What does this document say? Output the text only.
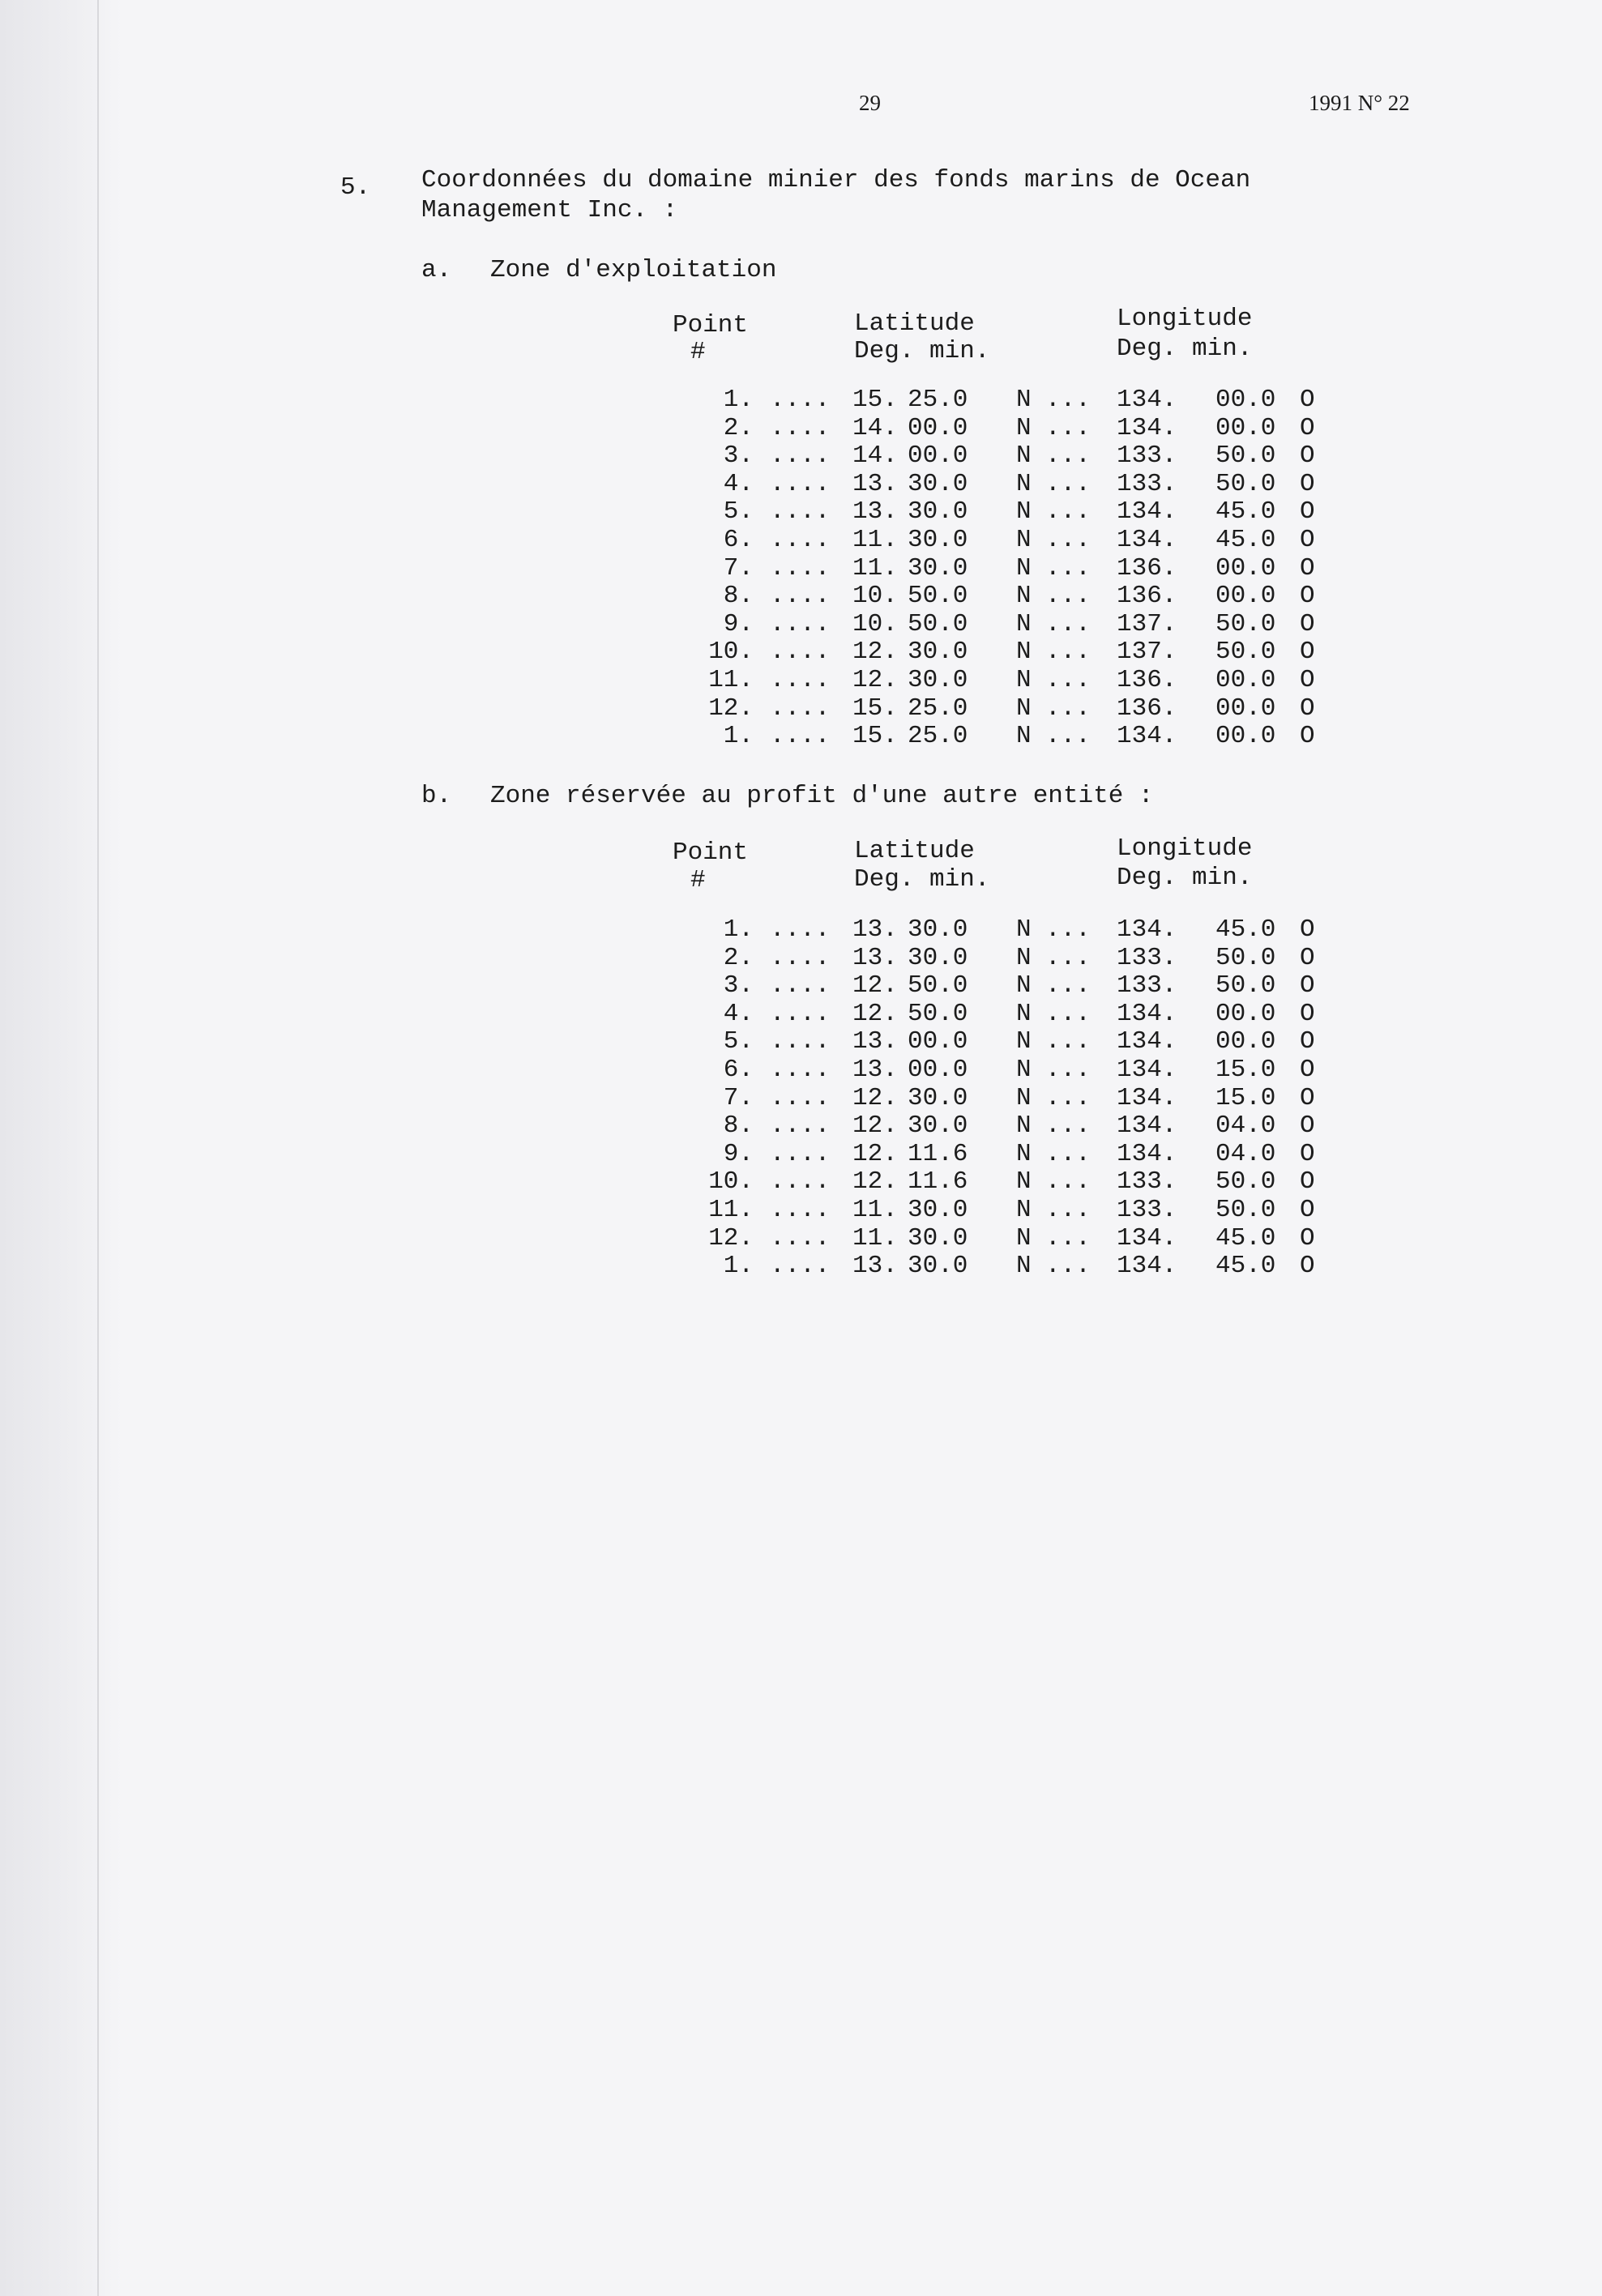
29	1991 N° 22
5. Coordonnées du domaine minier des fonds marins de Ocean Management Inc. :
a. Zone d'exploitation
Point
#
Latitude
Deg. min.
Longitude
Deg. min.
1. .... 15. 25.0 N ... 134. 00.0 O
2. .... 14. 00.0 N ... 134. 00.0 O
3. .... 14. 00.0 N ... 133. 50.0 O
4. .... 13. 30.0 N ... 133. 50.0 O
5. .... 13. 30.0 N ... 134. 45.0 O
6. .... 11. 30.0 N ... 134. 45.0 O
7. .... 11. 30.0 N ... 136. 00.0 O
8. .... 10. 50.0 N ... 136. 00.0 O
9. .... 10. 50.0 N ... 137. 50.0 O
10. .... 12. 30.0 N ... 137. 50.0 O
11. .... 12. 30.0 N ... 136. 00.0 O
12. .... 15. 25.0 N ... 136. 00.0 O
1. .... 15. 25.0 N ... 134. 00.0 O
b. Zone réservée au profit d'une autre entité :
Point
#
Latitude
Deg. min.
Longitude
Deg. min.
1. .... 13. 30.0 N ... 134. 45.0 O
2. .... 13. 30.0 N ... 133. 50.0 O
3. .... 12. 50.0 N ... 133. 50.0 O
4. .... 12. 50.0 N ... 134. 00.0 O
5. .... 13. 00.0 N ... 134. 00.0 O
6. .... 13. 00.0 N ... 134. 15.0 O
7. .... 12. 30.0 N ... 134. 15.0 O
8. .... 12. 30.0 N ... 134. 04.0 O
9. .... 12. 11.6 N ... 134. 04.0 O
10. .... 12. 11.6 N ... 133. 50.0 O
11. .... 11. 30.0 N ... 133. 50.0 O
12. .... 11. 30.0 N ... 134. 45.0 O
1. .... 13. 30.0 N ... 134. 45.0 O
